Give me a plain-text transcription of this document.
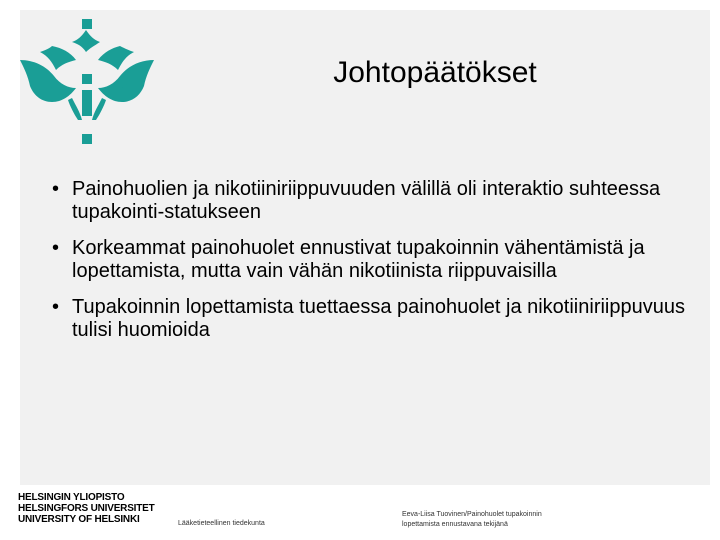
Johtopäätökset
• Painohuolien ja nikotiiniriippuvuuden välillä oli interaktio suhteessa tupakointi-statukseen
• Korkeammat painohuolet ennustivat tupakoinnin vähentämistä ja lopettamista, mutta vain vähän nikotiinista riippuvaisilla
• Tupakoinnin lopettamista tuettaessa painohuolet ja nikotiiniriippuvuus tulisi huomioida
HELSINGIN YLIOPISTO
HELSINGFORS UNIVERSITET
UNIVERSITY OF HELSINKI	Lääketieteellinen tiedekunta
Eeva-Liisa Tuovinen/Painohuolet tupakoinnin
lopettamista ennustavana tekijänä
